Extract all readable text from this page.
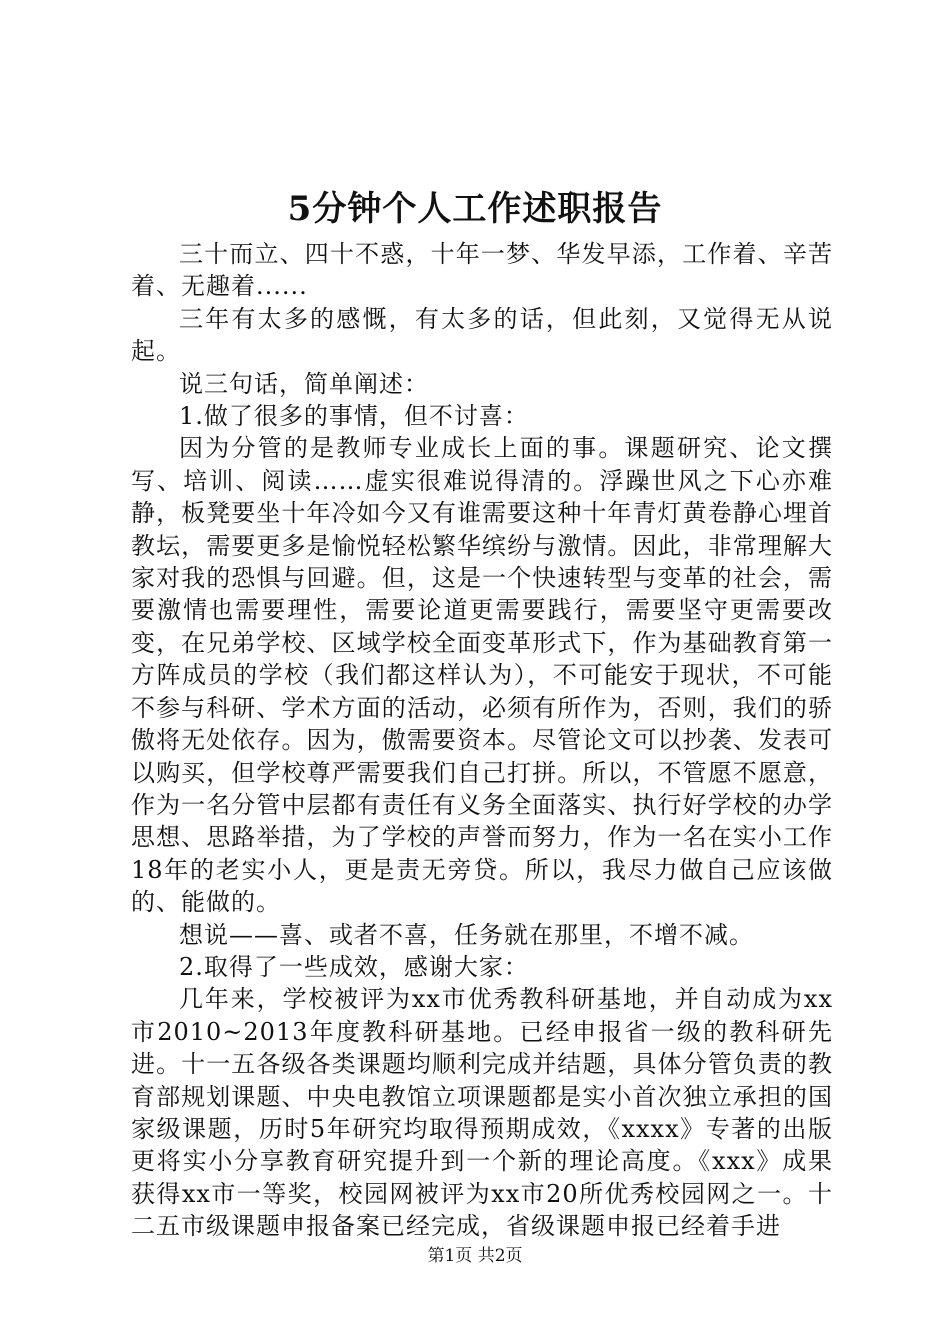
5分钟个人工作述职报告

三十而立、四十不惑，十年一梦、华发早添，工作着、辛苦着、无趣着......

三年有太多的感慨，有太多的话，但此刻，又觉得无从说起。

说三句话，简单阐述：

1.做了很多的事情，但不讨喜：

因为分管的是教师专业成长上面的事。课题研究、论文撰写、培训、阅读……虚实很难说得清的。浮躁世风之下心亦难静，板凳要坐十年冷如今又有谁需要这种十年青灯黄卷静心埋首教坛，需要更多是愉悦轻松繁华缤纷与激情。因此，非常理解大家对我的恐惧与回避。但，这是一个快速转型与变革的社会，需要激情也需要理性，需要论道更需要践行，需要坚守更需要改变，在兄弟学校、区域学校全面变革形式下，作为基础教育第一方阵成员的学校（我们都这样认为），不可能安于现状，不可能不参与科研、学术方面的活动，必须有所作为，否则，我们的骄傲将无处依存。因为，傲需要资本。尽管论文可以抄袭、发表可以购买，但学校尊严需要我们自己打拼。所以，不管愿不愿意，作为一名分管中层都有责任有义务全面落实、执行好学校的办学思想、思路举措，为了学校的声誉而努力，作为一名在实小工作18年的老实小人，更是责无旁贷。所以，我尽力做自己应该做的、能做的。

想说——喜、或者不喜，任务就在那里，不增不减。

2.取得了一些成效，感谢大家：

几年来，学校被评为xx市优秀教科研基地，并自动成为xx市2010~2013年度教科研基地。已经申报省一级的教科研先进。十一五各级各类课题均顺利完成并结题，具体分管负责的教育部规划课题、中央电教馆立项课题都是实小首次独立承担的国家级课题，历时5年研究均取得预期成效，《xxxx》专著的出版更将实小分享教育研究提升到一个新的理论高度。《xxx》成果获得xx市一等奖，校园网被评为xx市20所优秀校园网之一。十二五市级课题申报备案已经完成，省级课题申报已经着手进

第1页 共2页
